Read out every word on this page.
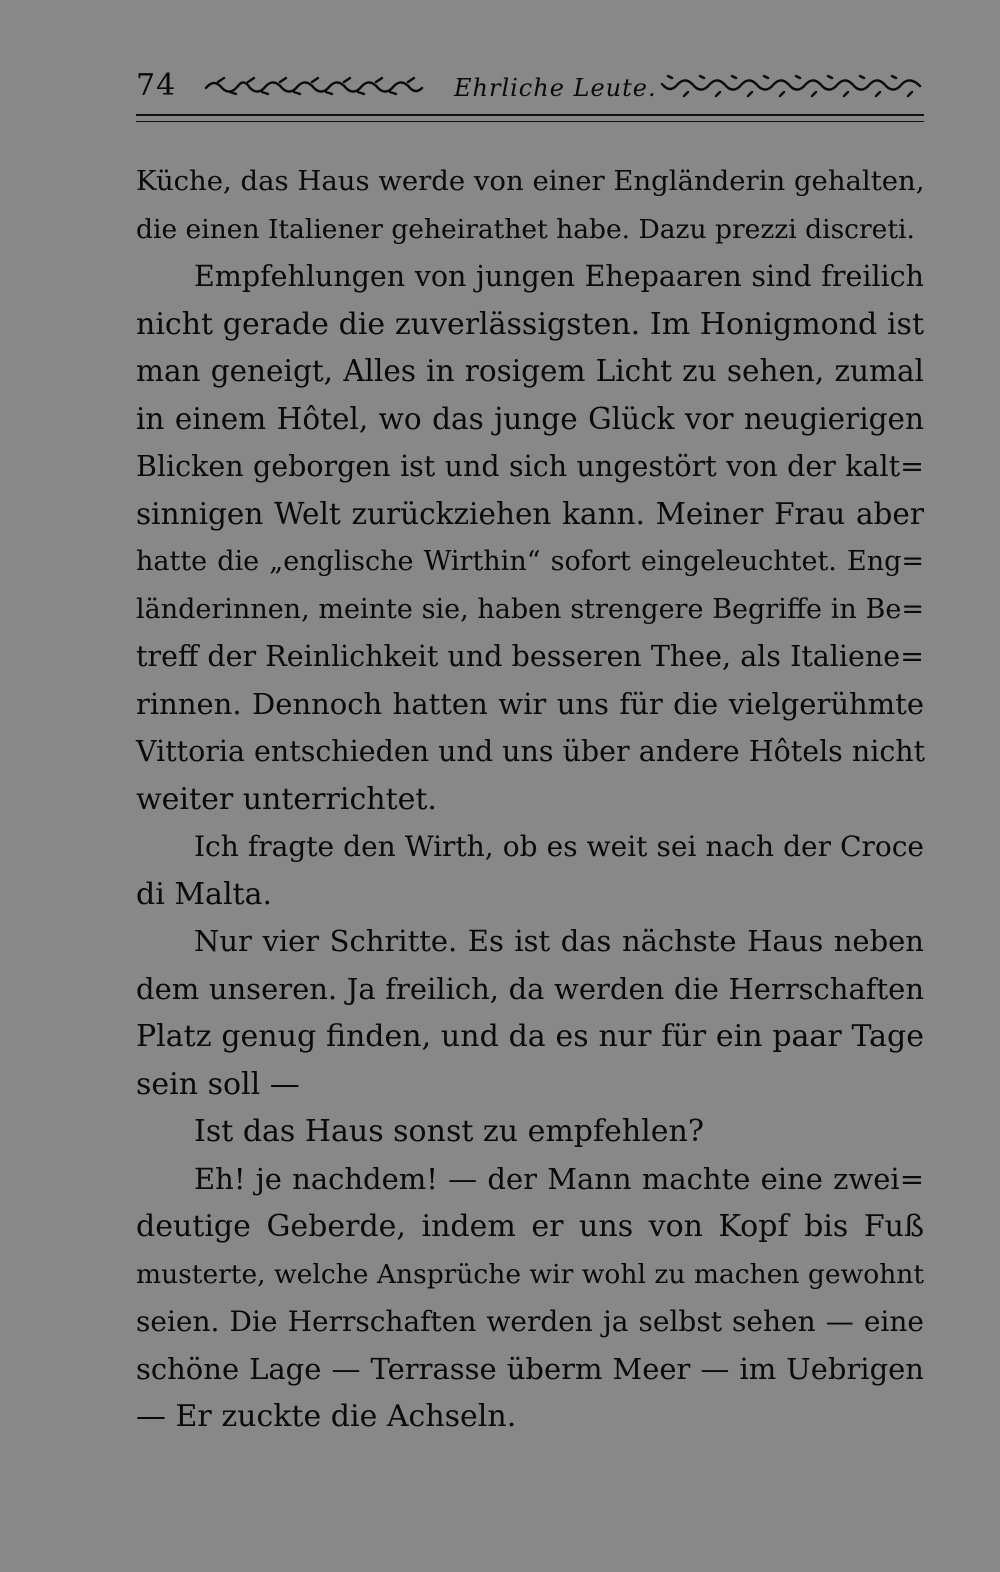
74	Ehrliche Leute.
Küche, das Haus werde von einer Engländerin gehalten,
die einen Italiener geheirathet habe. Dazu prezzi discreti.
Empfehlungen von jungen Ehepaaren sind freilich
nicht gerade die zuverlässigsten. Im Honigmond ist
man geneigt, Alles in rosigem Licht zu sehen, zumal
in einem Hôtel, wo das junge Glück vor neugierigen
Blicken geborgen ist und sich ungestört von der kalt=
sinnigen Welt zurückziehen kann. Meiner Frau aber
hatte die „englische Wirthin“ sofort eingeleuchtet. Eng=
länderinnen, meinte sie, haben strengere Begriffe in Be=
treff der Reinlichkeit und besseren Thee, als Italiene=
rinnen. Dennoch hatten wir uns für die vielgerühmte
Vittoria entschieden und uns über andere Hôtels nicht
weiter unterrichtet.
Ich fragte den Wirth, ob es weit sei nach der Croce
di Malta.
Nur vier Schritte. Es ist das nächste Haus neben
dem unseren. Ja freilich, da werden die Herrschaften
Platz genug finden, und da es nur für ein paar Tage
sein soll —
Ist das Haus sonst zu empfehlen?
Eh! je nachdem! — der Mann machte eine zwei=
deutige Geberde, indem er uns von Kopf bis Fuß
musterte, welche Ansprüche wir wohl zu machen gewohnt
seien. Die Herrschaften werden ja selbst sehen — eine
schöne Lage — Terrasse überm Meer — im Uebrigen
— Er zuckte die Achseln.
